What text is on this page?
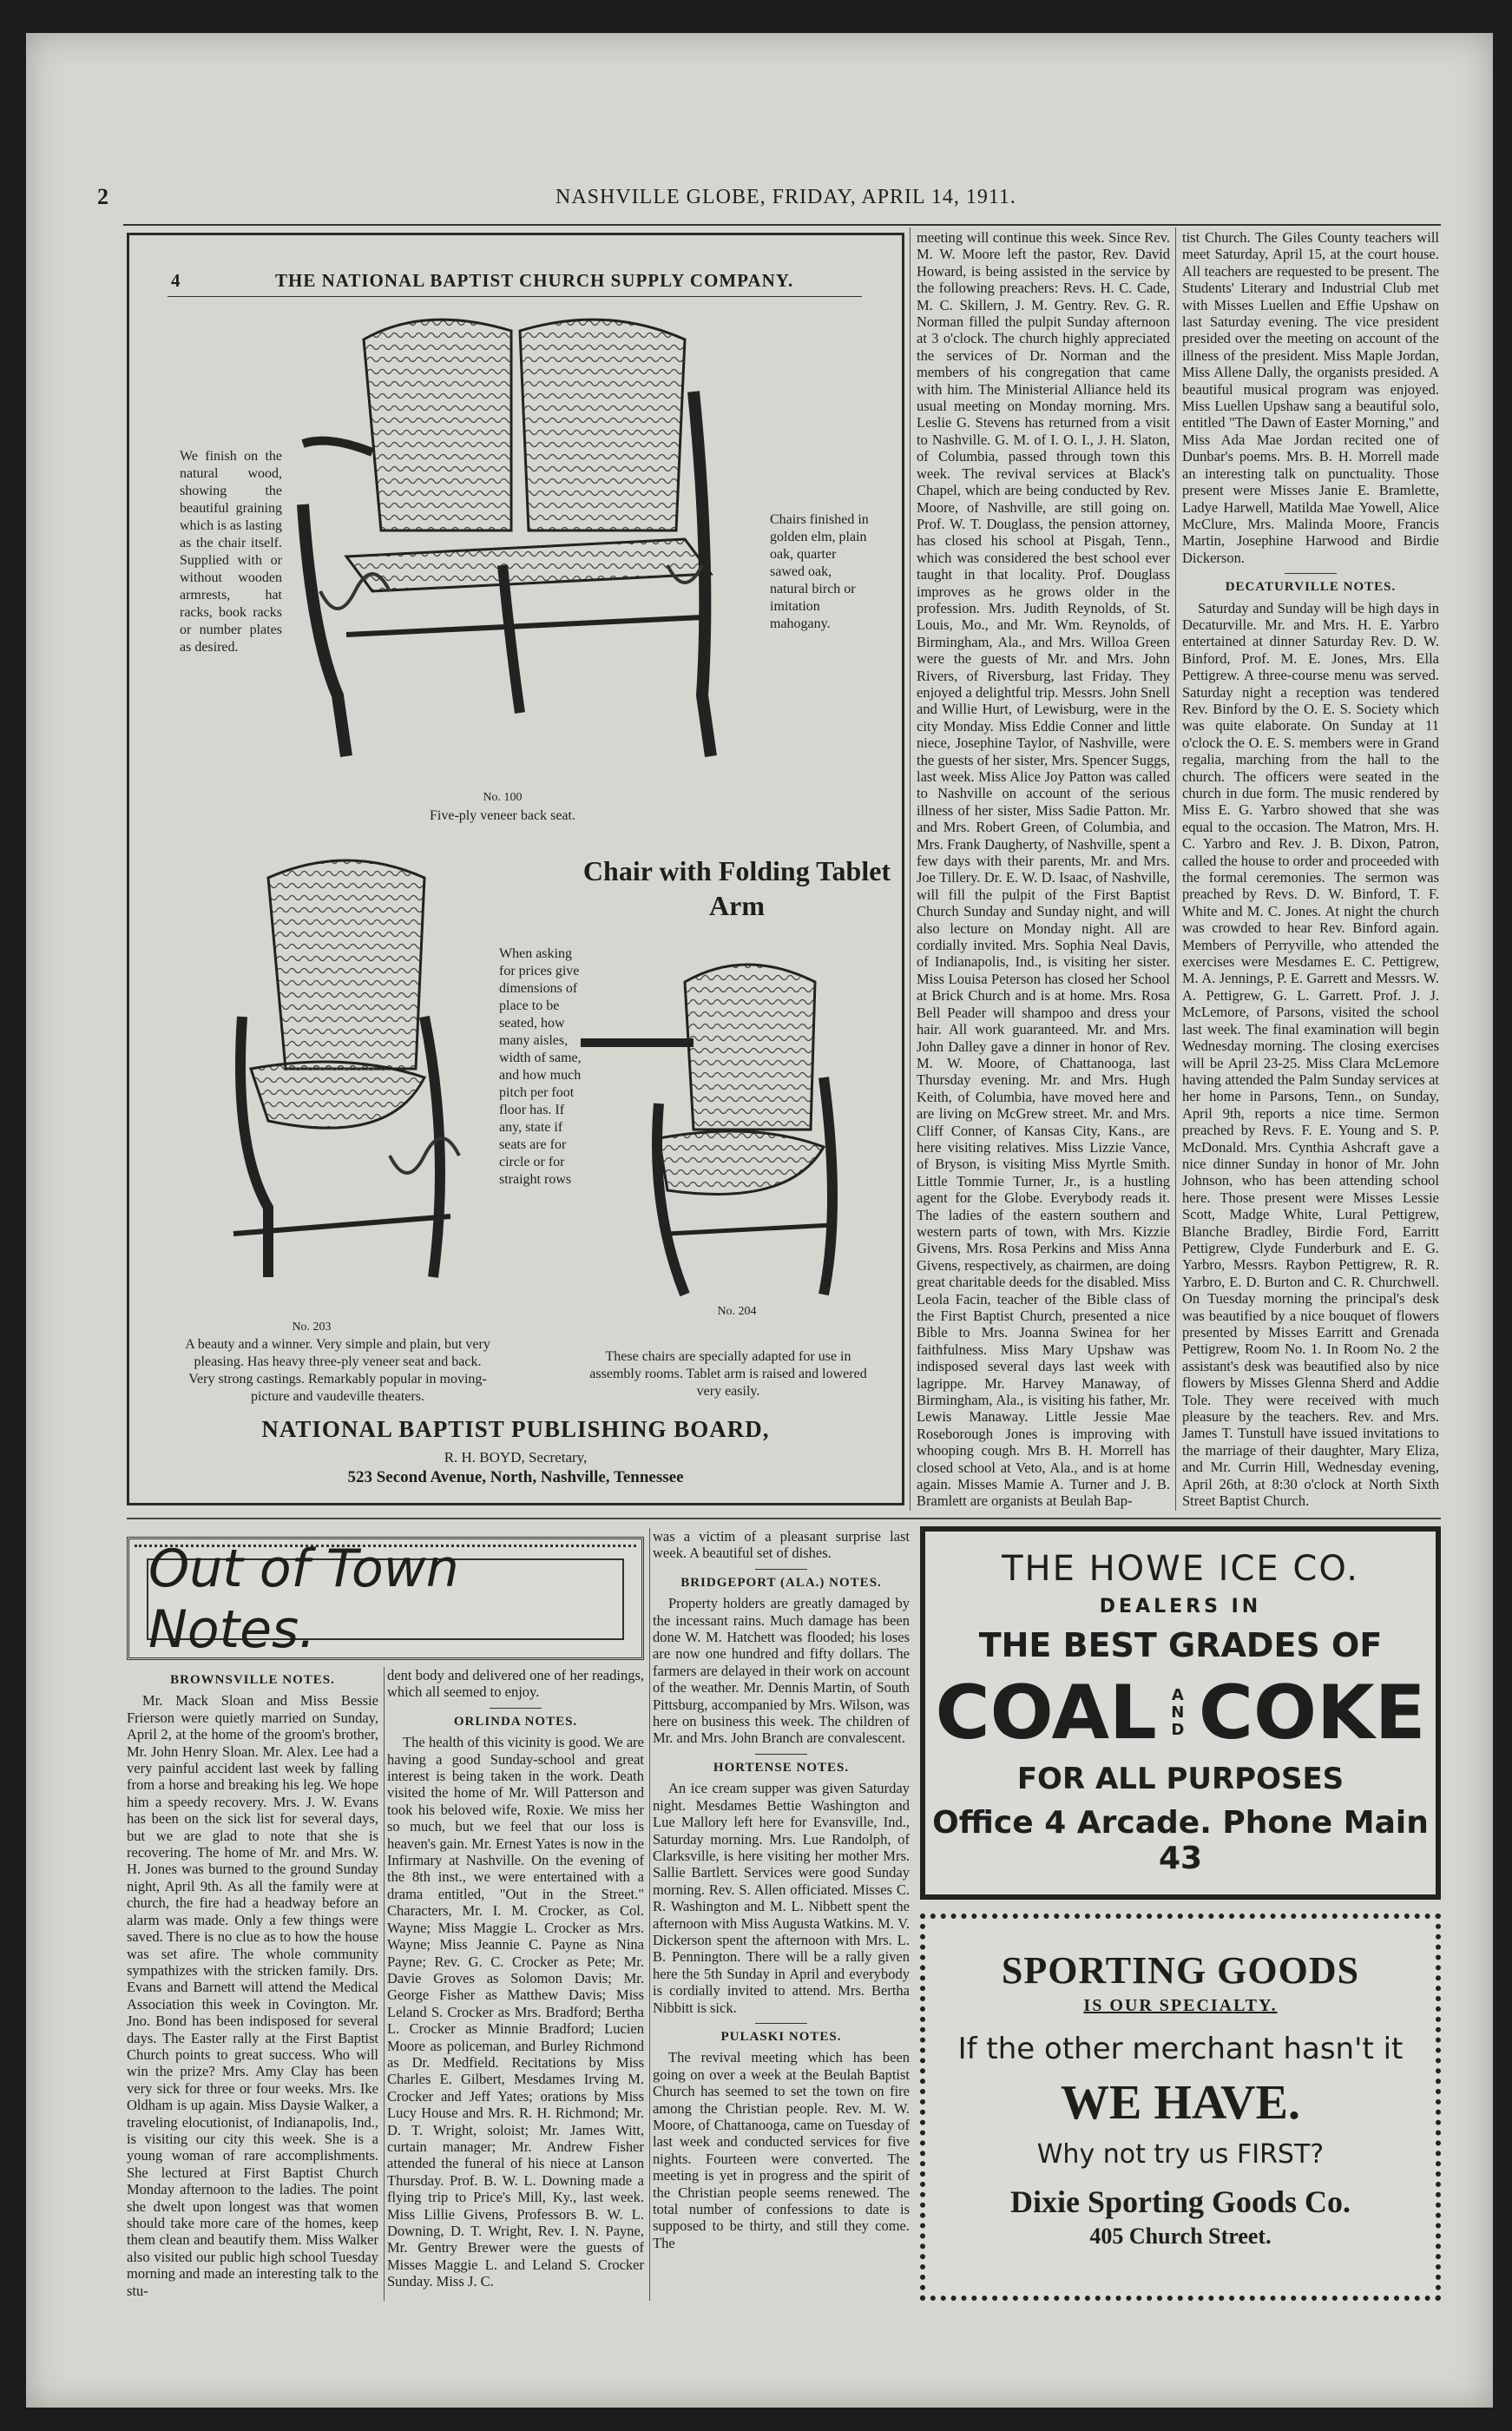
2	NASHVILLE GLOBE, FRIDAY, APRIL 14, 1911.
4	THE NATIONAL BAPTIST CHURCH SUPPLY COMPANY.
We finish on the natural wood, showing the beautiful graining which is as lasting as the chair itself. Supplied with or without wooden armrests, hat racks, book racks or number plates as desired.
Chairs finished in golden elm, plain oak, quarter sawed oak, natural birch or imitation mahogany.
No. 100
Five-ply veneer back seat.
Chair with Folding Tablet Arm
When asking for prices give dimensions of place to be seated, how many aisles, width of same, and how much pitch per foot floor has. If any, state if seats are for circle or for straight rows
No. 203
A beauty and a winner. Very simple and plain, but very pleasing. Has heavy three-ply veneer seat and back. Very strong castings. Remarkably popular in moving-picture and vaudeville theaters.
No. 204
These chairs are specially adapted for use in assembly rooms. Tablet arm is raised and lowered very easily.
NATIONAL BAPTIST PUBLISHING BOARD,
R. H. BOYD, Secretary,
523 Second Avenue, North, Nashville, Tennessee

meeting will continue this week. Since Rev. M. W. Moore left the pastor, Rev. David Howard, is being assisted in the service by the following preachers: Revs. H. C. Cade, M. C. Skillern, J. M. Gentry. Rev. G. R. Norman filled the pulpit Sunday afternoon at 3 o'clock. The church highly appreciated the services of Dr. Norman and the members of his congregation that came with him. The Ministerial Alliance held its usual meeting on Monday morning. Mrs. Leslie G. Stevens has returned from a visit to Nashville. G. M. of I. O. I., J. H. Slaton, of Columbia, passed through town this week. The revival services at Black's Chapel, which are being conducted by Rev. Moore, of Nashville, are still going on. Prof. W. T. Douglass, the pension attorney, has closed his school at Pisgah, Tenn., which was considered the best school ever taught in that locality. Prof. Douglass improves as he grows older in the profession. Mrs. Judith Reynolds, of St. Louis, Mo., and Mr. Wm. Reynolds, of Birmingham, Ala., and Mrs. Willoa Green were the guests of Mr. and Mrs. John Rivers, of Riversburg, last Friday. They enjoyed a delightful trip. Messrs. John Snell and Willie Hurt, of Lewisburg, were in the city Monday. Miss Eddie Conner and little niece, Josephine Taylor, of Nashville, were the guests of her sister, Mrs. Spencer Suggs, last week. Miss Alice Joy Patton was called to Nashville on account of the serious illness of her sister, Miss Sadie Patton. Mr. and Mrs. Robert Green, of Columbia, and Mrs. Frank Daugherty, of Nashville, spent a few days with their parents, Mr. and Mrs. Joe Tillery. Dr. E. W. D. Isaac, of Nashville, will fill the pulpit of the First Baptist Church Sunday and Sunday night, and will also lecture on Monday night. All are cordially invited. Mrs. Sophia Neal Davis, of Indianapolis, Ind., is visiting her sister. Miss Louisa Peterson has closed her School at Brick Church and is at home. Mrs. Rosa Bell Peader will shampoo and dress your hair. All work guaranteed. Mr. and Mrs. John Dalley gave a dinner in honor of Rev. M. W. Moore, of Chattanooga, last Thursday evening. Mr. and Mrs. Hugh Keith, of Columbia, have moved here and are living on McGrew street. Mr. and Mrs. Cliff Conner, of Kansas City, Kans., are here visiting relatives. Miss Lizzie Vance, of Bryson, is visiting Miss Myrtle Smith. Little Tommie Turner, Jr., is a hustling agent for the Globe. Everybody reads it. The ladies of the eastern southern and western parts of town, with Mrs. Kizzie Givens, Mrs. Rosa Perkins and Miss Anna Givens, respectively, as chairmen, are doing great charitable deeds for the disabled. Miss Leola Facin, teacher of the Bible class of the First Baptist Church, presented a nice Bible to Mrs. Joanna Swinea for her faithfulness. Miss Mary Upshaw was indisposed several days last week with lagrippe. Mr. Harvey Manaway, of Birmingham, Ala., is visiting his father, Mr. Lewis Manaway. Little Jessie Mae Roseborough Jones is improving with whooping cough. Mrs B. H. Morrell has closed school at Veto, Ala., and is at home again. Misses Mamie A. Turner and J. B. Bramlett are organists at Beulah Bap-

tist Church. The Giles County teachers will meet Saturday, April 15, at the court house. All teachers are requested to be present. The Students' Literary and Industrial Club met with Misses Luellen and Effie Upshaw on last Saturday evening. The vice president presided over the meeting on account of the illness of the president. Miss Maple Jordan, Miss Allene Dally, the organists presided. A beautiful musical program was enjoyed. Miss Luellen Upshaw sang a beautiful solo, entitled "The Dawn of Easter Morning," and Miss Ada Mae Jordan recited one of Dunbar's poems. Mrs. B. H. Morrell made an interesting talk on punctuality. Those present were Misses Janie E. Bramlette, Ladye Harwell, Matilda Mae Yowell, Alice McClure, Mrs. Malinda Moore, Francis Martin, Josephine Harwood and Birdie Dickerson.

DECATURVILLE NOTES.

Saturday and Sunday will be high days in Decaturville. Mr. and Mrs. H. E. Yarbro entertained at dinner Saturday Rev. D. W. Binford, Prof. M. E. Jones, Mrs. Ella Pettigrew. A three-course menu was served. Saturday night a reception was tendered Rev. Binford by the O. E. S. Society which was quite elaborate. On Sunday at 11 o'clock the O. E. S. members were in Grand regalia, marching from the hall to the church. The officers were seated in the church in due form. The music rendered by Miss E. G. Yarbro showed that she was equal to the occasion. The Matron, Mrs. H. C. Yarbro and Rev. J. B. Dixon, Patron, called the house to order and proceeded with the formal ceremonies. The sermon was preached by Revs. D. W. Binford, T. F. White and M. C. Jones. At night the church was crowded to hear Rev. Binford again. Members of Perryville, who attended the exercises were Mesdames E. C. Pettigrew, M. A. Jennings, P. E. Garrett and Messrs. W. A. Pettigrew, G. L. Garrett. Prof. J. J. McLemore, of Parsons, visited the school last week. The final examination will begin Wednesday morning. The closing exercises will be April 23-25. Miss Clara McLemore having attended the Palm Sunday services at her home in Parsons, Tenn., on Sunday, April 9th, reports a nice time. Sermon preached by Revs. F. E. Young and S. P. McDonald. Mrs. Cynthia Ashcraft gave a nice dinner Sunday in honor of Mr. John Johnson, who has been attending school here. Those present were Misses Lessie Scott, Madge White, Lural Pettigrew, Blanche Bradley, Birdie Ford, Earritt Pettigrew, Clyde Funderburk and E. G. Yarbro, Messrs. Raybon Pettigrew, R. R. Yarbro, E. D. Burton and C. R. Churchwell. On Tuesday morning the principal's desk was beautified by a nice bouquet of flowers presented by Misses Earritt and Grenada Pettigrew, Room No. 1. In Room No. 2 the assistant's desk was beautified also by nice flowers by Misses Glenna Sherd and Addie Tole. They were received with much pleasure by the teachers. Rev. and Mrs. James T. Tunstull have issued invitations to the marriage of their daughter, Mary Eliza, and Mr. Currin Hill, Wednesday evening, April 26th, at 8:30 o'clock at North Sixth Street Baptist Church.

Out of Town Notes.
BROWNSVILLE NOTES.

Mr. Mack Sloan and Miss Bessie Frierson were quietly married on Sunday, April 2, at the home of the groom's brother, Mr. John Henry Sloan. Mr. Alex. Lee had a very painful accident last week by falling from a horse and breaking his leg. We hope him a speedy recovery. Mrs. J. W. Evans has been on the sick list for several days, but we are glad to note that she is recovering. The home of Mr. and Mrs. W. H. Jones was burned to the ground Sunday night, April 9th. As all the family were at church, the fire had a headway before an alarm was made. Only a few things were saved. There is no clue as to how the house was set afire. The whole community sympathizes with the stricken family. Drs. Evans and Barnett will attend the Medical Association this week in Covington. Mr. Jno. Bond has been indisposed for several days. The Easter rally at the First Baptist Church points to great success. Who will win the prize? Mrs. Amy Clay has been very sick for three or four weeks. Mrs. Ike Oldham is up again. Miss Daysie Walker, a traveling elocutionist, of Indianapolis, Ind., is visiting our city this week. She is a young woman of rare accomplishments. She lectured at First Baptist Church Monday afternoon to the ladies. The point she dwelt upon longest was that women should take more care of the homes, keep them clean and beautify them. Miss Walker also visited our public high school Tuesday morning and made an interesting talk to the stu-

dent body and delivered one of her readings, which all seemed to enjoy.

ORLINDA NOTES.

The health of this vicinity is good. We are having a good Sunday-school and great interest is being taken in the work. Death visited the home of Mr. Will Patterson and took his beloved wife, Roxie. We miss her so much, but we feel that our loss is heaven's gain. Mr. Ernest Yates is now in the Infirmary at Nashville. On the evening of the 8th inst., we were entertained with a drama entitled, "Out in the Street." Characters, Mr. I. M. Crocker, as Col. Wayne; Miss Maggie L. Crocker as Mrs. Wayne; Miss Jeannie C. Payne as Nina Payne; Rev. G. C. Crocker as Pete; Mr. Davie Groves as Solomon Davis; Mr. George Fisher as Matthew Davis; Miss Leland S. Crocker as Mrs. Bradford; Bertha L. Crocker as Minnie Bradford; Lucien Moore as policeman, and Burley Richmond as Dr. Medfield. Recitations by Miss Charles E. Gilbert, Mesdames Irving M. Crocker and Jeff Yates; orations by Miss Lucy House and Mrs. R. H. Richmond; Mr. D. T. Wright, soloist; Mr. James Witt, curtain manager; Mr. Andrew Fisher attended the funeral of his niece at Lanson Thursday. Prof. B. W. L. Downing made a flying trip to Price's Mill, Ky., last week. Miss Lillie Givens, Professors B. W. L. Downing, D. T. Wright, Rev. I. N. Payne, Mr. Gentry Brewer were the guests of Misses Maggie L. and Leland S. Crocker Sunday. Miss J. C.

was a victim of a pleasant surprise last week. A beautiful set of dishes.

BRIDGEPORT (ALA.) NOTES.

Property holders are greatly damaged by the incessant rains. Much damage has been done W. M. Hatchett was flooded; his loses are now one hundred and fifty dollars. The farmers are delayed in their work on account of the weather. Mr. Dennis Martin, of South Pittsburg, accompanied by Mrs. Wilson, was here on business this week. The children of Mr. and Mrs. John Branch are convalescent.

HORTENSE NOTES.

An ice cream supper was given Saturday night. Mesdames Bettie Washington and Lue Mallory left here for Evansville, Ind., Saturday morning. Mrs. Lue Randolph, of Clarksville, is here visiting her mother Mrs. Sallie Bartlett. Services were good Sunday morning. Rev. S. Allen officiated. Misses C. R. Washington and M. L. Nibbett spent the afternoon with Miss Augusta Watkins. M. V. Dickerson spent the afternoon with Mrs. L. B. Pennington. There will be a rally given here the 5th Sunday in April and everybody is cordially invited to attend. Mrs. Bertha Nibbitt is sick.

PULASKI NOTES.

The revival meeting which has been going on over a week at the Beulah Baptist Church has seemed to set the town on fire among the Christian people. Rev. M. W. Moore, of Chattanooga, came on Tuesday of last week and conducted services for five nights. Fourteen were converted. The meeting is yet in progress and the spirit of the Christian people seems renewed. The total number of confessions to date is supposed to be thirty, and still they come. The

THE HOWE ICE CO.
DEALERS IN
THE BEST GRADES OF
COAL AND COKE
FOR ALL PURPOSES
Office 4 Arcade. Phone Main 43
SPORTING GOODS
IS OUR SPECIALTY.
If the other merchant hasn't it
WE HAVE.
Why not try us FIRST?
Dixie Sporting Goods Co.
405 Church Street.
